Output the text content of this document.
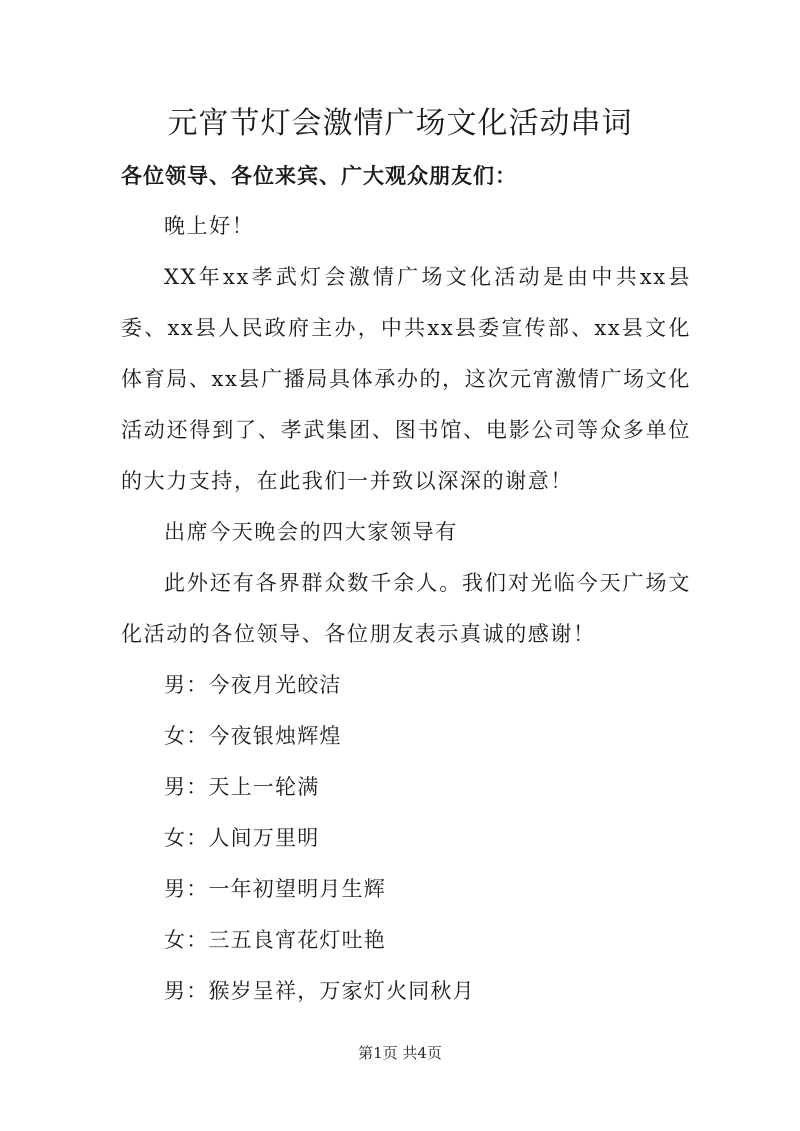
元宵节灯会激情广场文化活动串词

各位领导、各位来宾、广大观众朋友们：

晚上好！

XX年xx孝武灯会激情广场文化活动是由中共xx县委、xx县人民政府主办，中共xx县委宣传部、xx县文化体育局、xx县广播局具体承办的，这次元宵激情广场文化活动还得到了、孝武集团、图书馆、电影公司等众多单位的大力支持，在此我们一并致以深深的谢意！

出席今天晚会的四大家领导有

此外还有各界群众数千余人。我们对光临今天广场文化活动的各位领导、各位朋友表示真诚的感谢！

男：今夜月光皎洁

女：今夜银烛辉煌

男：天上一轮满

女：人间万里明

男：一年初望明月生辉

女：三五良宵花灯吐艳

男：猴岁呈祥，万家灯火同秋月

第1页 共4页
